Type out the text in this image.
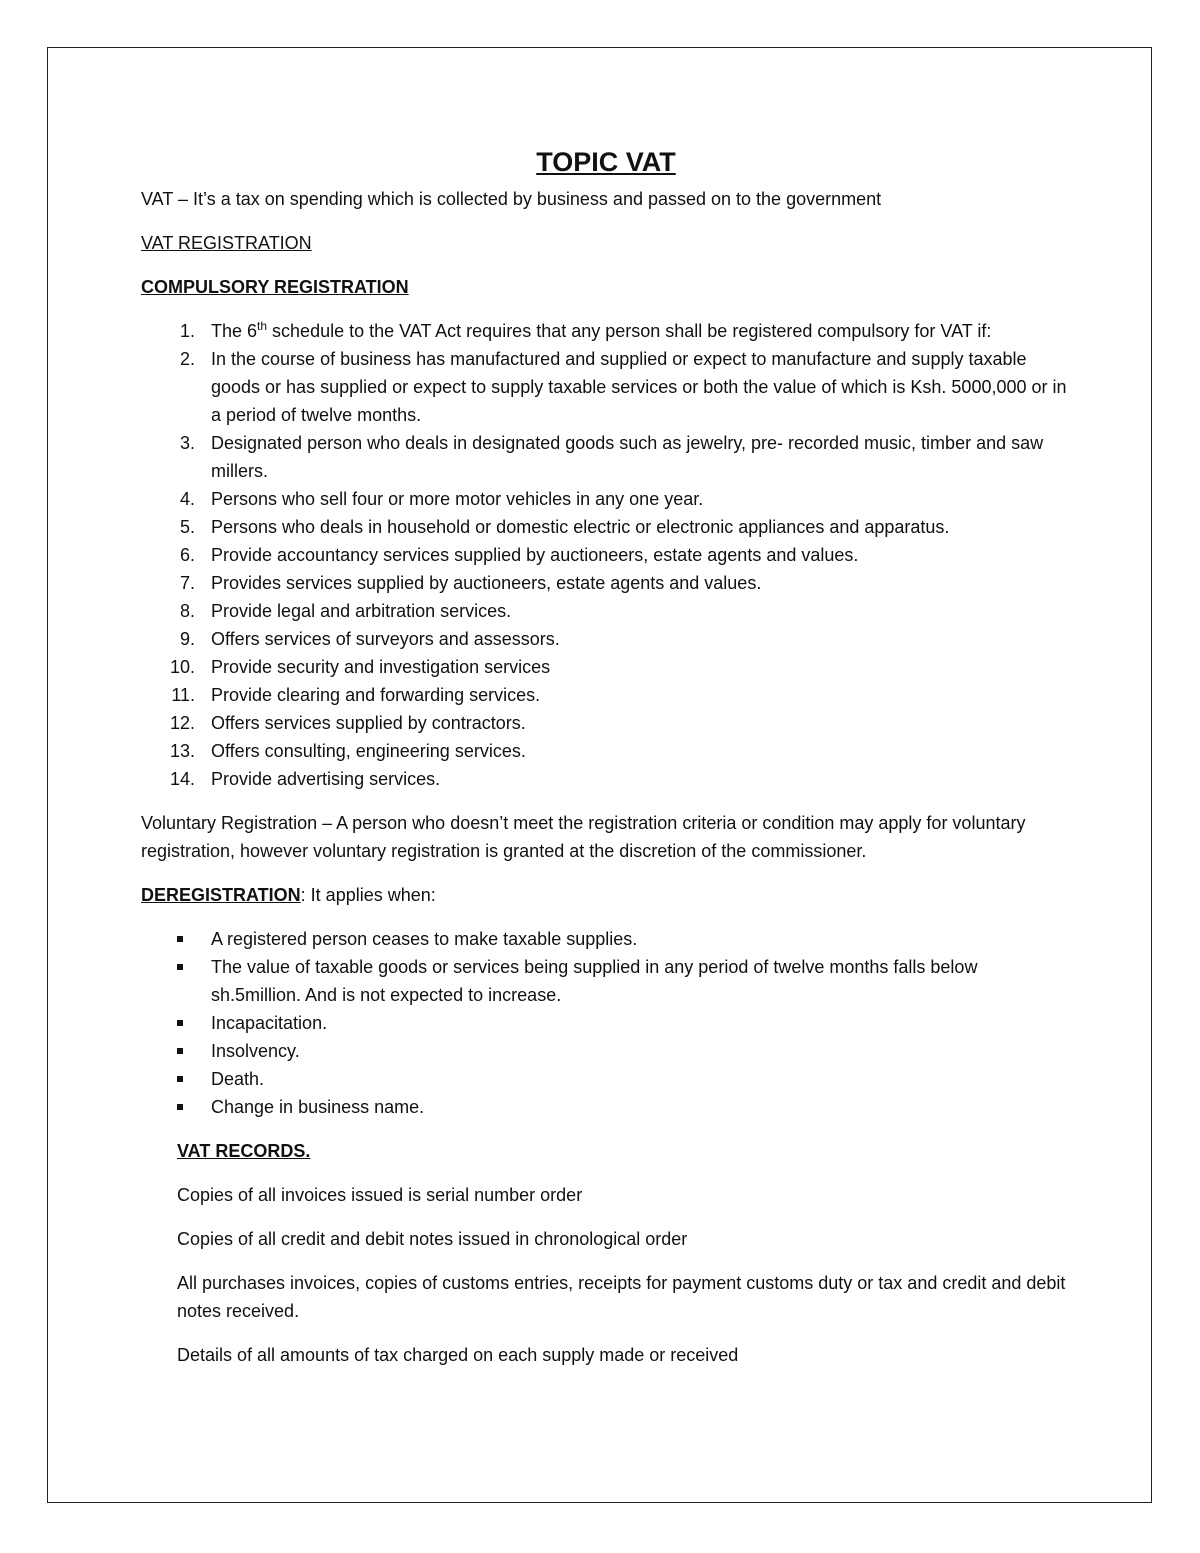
TOPIC VAT

VAT – It’s a tax on spending which is collected by business and passed on to the government

VAT REGISTRATION

COMPULSORY REGISTRATION

1. The 6th schedule to the VAT Act requires that any person shall be registered compulsory for VAT if:
2. In the course of business has manufactured and supplied or expect to manufacture and supply taxable goods or has supplied or expect to supply taxable services or both the value of which is Ksh. 5000,000 or in a period of twelve months.
3. Designated person who deals in designated goods such as jewelry, pre- recorded music, timber and saw millers.
4. Persons who sell four or more motor vehicles in any one year.
5. Persons who deals in household or domestic electric or electronic appliances and apparatus.
6. Provide accountancy services supplied by auctioneers, estate agents and values.
7. Provides services supplied by auctioneers, estate agents and values.
8. Provide legal and arbitration services.
9. Offers services of surveyors and assessors.
10. Provide security and investigation services
11. Provide clearing and forwarding services.
12. Offers services supplied by contractors.
13. Offers consulting, engineering services.
14. Provide advertising services.

Voluntary Registration – A person who doesn’t meet the registration criteria or condition may apply for voluntary registration, however voluntary registration is granted at the discretion of the commissioner.

DEREGISTRATION: It applies when:

A registered person ceases to make taxable supplies.
The value of taxable goods or services being supplied in any period of twelve months falls below sh.5million. And is not expected to increase.
Incapacitation.
Insolvency.
Death.
Change in business name.

VAT RECORDS.

Copies of all invoices issued is serial number order

Copies of all credit and debit notes issued in chronological order

All purchases invoices, copies of customs entries, receipts for payment customs duty or tax and credit and debit notes received.

Details of all amounts of tax charged on each supply made or received
